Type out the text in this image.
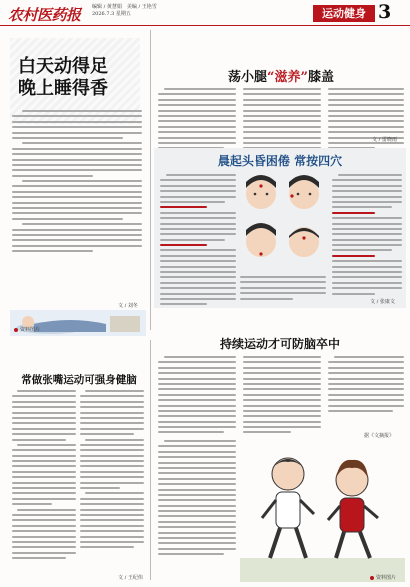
农村医药报 编辑 / 黄慧娟　美编 / 王艳雪
2026.7.3 星期五	运动健身 3
白天动得足
晚上睡得香
文 / 刘冬
资料图片
常做张嘴运动可强身健脑
文 / 王纪伟
荡小腿“滋养”膝盖
文 / 雷晓雨
晨起头昏困倦 常按四穴
文 / 张康文
持续运动才可防脑卒中
据《文摘报》
资料图片
